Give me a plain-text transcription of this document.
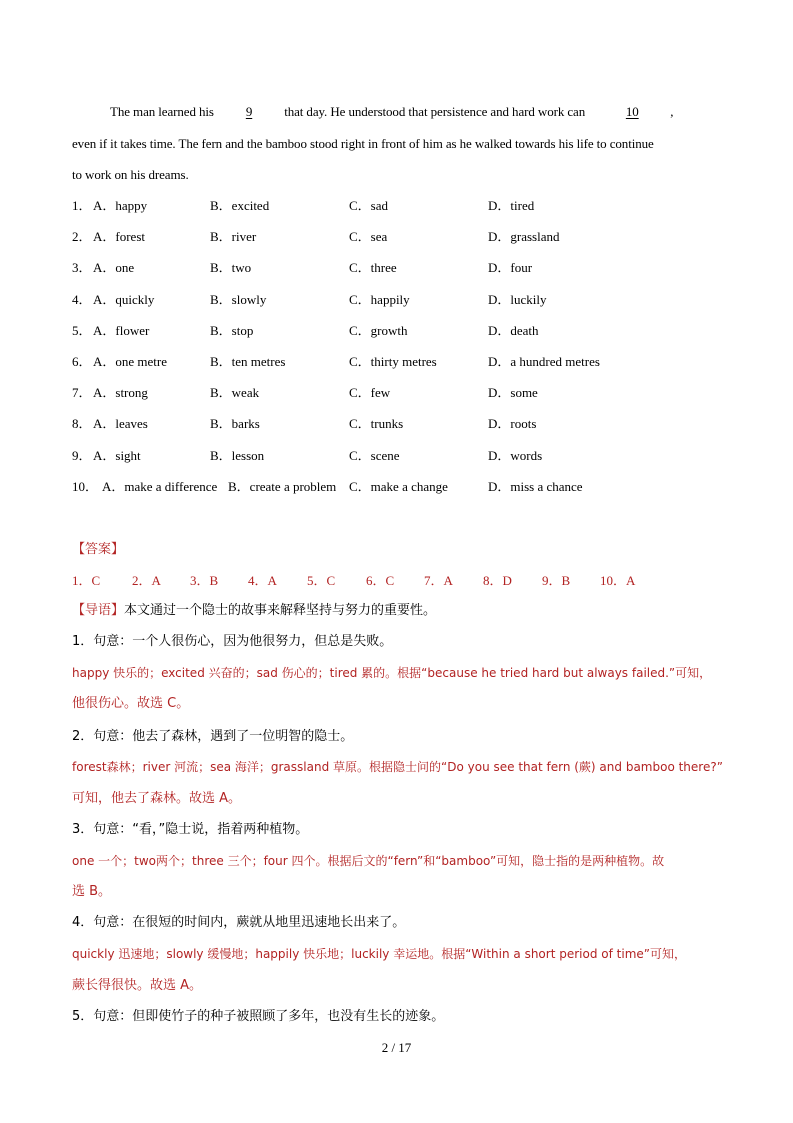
The man learned his 9 that day. He understood that persistence and hard work can	10 ,
even if it takes time. The fern and the bamboo stood right in front of him as he walked towards his life to continue
to work on his dreams.
1． A．happy	B．excited	C．sad	D．tired
2． A．forest	B．river	C．sea	D．grassland
3． A．one	B．two	C．three	D．four
4． A．quickly	B．slowly	C．happily	D．luckily
5． A．flower	B．stop	C．growth	D．death
6． A．one metre	B．ten metres	C．thirty metres	D．a hundred metres
7． A．strong	B．weak	C．few	D．some
8． A．leaves	B．barks	C．trunks	D．roots
9． A．sight	B．lesson	C．scene	D．words
10． A．make a difference B．create a problem C．make a change	D．miss a chance
【答案】
1．C 2．A 3．B 4．A 5．C 6．C 7．A 8．D 9．B 10．A
【导语】本文通过一个隐士的故事来解释坚持与努力的重要性。
1．句意：一个人很伤心，因为他很努力，但总是失败。
happy 快乐的；excited 兴奋的；sad 伤心的；tired 累的。根据“because he tried hard but always failed.”可知，
他很伤心。故选 C。
2．句意：他去了森林，遇到了一位明智的隐士。
forest森林；river 河流；sea 海洋；grassland 草原。根据隐士问的“Do you see that fern (蕨) and bamboo there?”
可知，他去了森林。故选 A。
3．句意：“看，”隐士说，指着两种植物。
one 一个；two两个；three 三个；four 四个。根据后文的“fern”和“bamboo”可知，隐士指的是两种植物。故
选 B。
4．句意：在很短的时间内，蕨就从地里迅速地长出来了。
quickly 迅速地；slowly 缓慢地；happily 快乐地；luckily 幸运地。根据“Within a short period of time”可知，
蕨长得很快。故选 A。
5．句意：但即使竹子的种子被照顾了多年，也没有生长的迹象。
2 / 17
